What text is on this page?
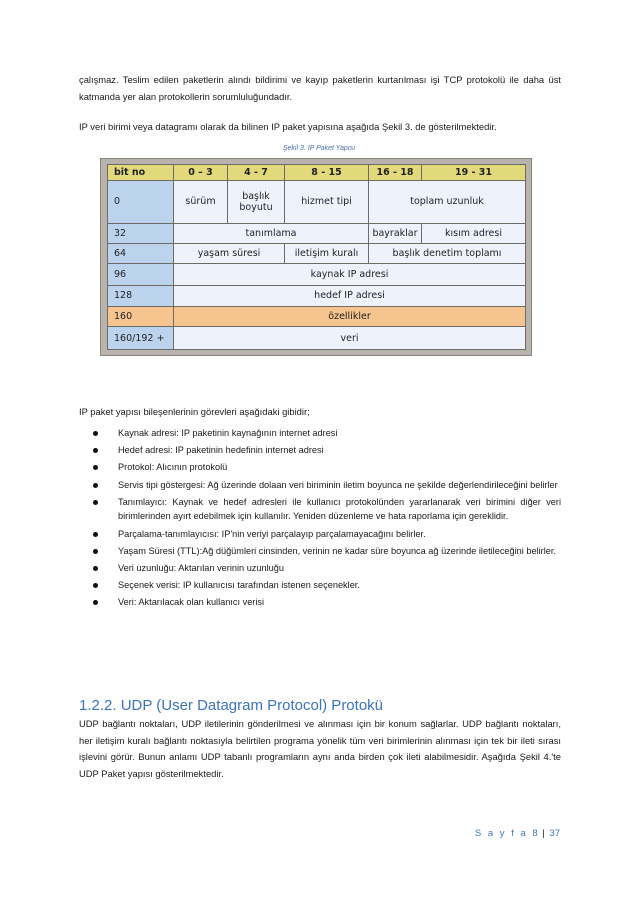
çalışmaz. Teslim edilen paketlerin alındı bildirimi ve kayıp paketlerin kurtarılması işi TCP protokolü ile daha üst katmanda yer alan protokollerin sorumluluğundadır.

IP veri birimi veya datagramı olarak da bilinen IP paket yapısına aşağıda Şekil 3. de gösterilmektedir.

Şekil 3. IP Paket Yapısı
bit no	0 – 3	4 - 7	8 - 15	16 - 18	19 - 31
0	sürüm	başlık boyutu	hizmet tipi	toplam uzunluk	
32	tanımlama			bayraklar	kısım adresi
64	yaşam süresi		iletişim kuralı	başlık denetim toplamı	
96	kaynak IP adresi				
128	hedef IP adresi				
160	özellikler				
160/192 +	veri				

IP paket yapısı bileşenlerinin görevleri aşağıdaki gibidir;

Kaynak adresi: IP paketinin kaynağının internet adresi
Hedef adresi: IP paketinin hedefinin internet adresi
Protokol: Alıcının protokolü
Servis tipi göstergesi: Ağ üzerinde dolaan veri biriminin iletim boyunca ne şekilde değerlendirileceğini belirler
Tanımlayıcı: Kaynak ve hedef adresleri ile kullanıcı protokolünden yararlanarak veri birimini diğer veri birimlerinden ayırt edebilmek için kullanılır. Yeniden düzenleme ve hata raporlama için gereklidir.
Parçalama-tanımlayıcısı: IP'nin veriyi parçalayıp parçalamayacağını belirler.
Yaşam Süresi (TTL):Ağ düğümleri cinsinden, verinin ne kadar süre boyunca ağ üzerinde iletileceğini belirler.
Veri uzunluğu: Aktarılan verinin uzunluğu
Seçenek verisi: IP kullanıcısı tarafından istenen seçenekler.
Veri: Aktarılacak olan kullanıcı verisi
1.2.2. UDP (User Datagram Protocol) Protokü

UDP bağlantı noktaları, UDP iletilerinin gönderilmesi ve alınması için bir konum sağlarlar. UDP bağlantı noktaları, her iletişim kuralı bağlantı noktasıyla belirtilen programa yönelik tüm veri birimlerinin alınması için tek bir ileti sırası işlevini görür. Bunun anlamı UDP tabanlı programların aynı anda birden çok ileti alabilmesidir. Aşağıda Şekil 4.'te UDP Paket yapısı gösterilmektedir.

S a y f a 8 | 37
